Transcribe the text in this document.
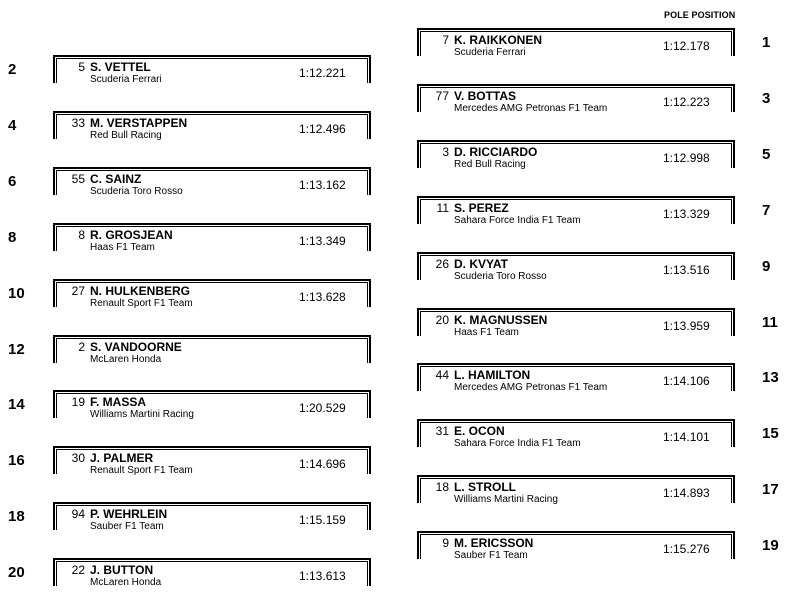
POLE POSITION
1
7 K. RAIKKONEN
Scuderia Ferrari	1:12.178
2	5 S. VETTEL
Scuderia Ferrari	1:12.221
3
77 V. BOTTAS
Mercedes AMG Petronas F1 Team	1:12.223
4	33 M. VERSTAPPEN
Red Bull Racing	1:12.496
5
3 D. RICCIARDO
Red Bull Racing	1:12.998
6	55 C. SAINZ
Scuderia Toro Rosso	1:13.162
7
11 S. PEREZ
Sahara Force India F1 Team	1:13.329
8	8 R. GROSJEAN
Haas F1 Team	1:13.349
9
26 D. KVYAT
Scuderia Toro Rosso	1:13.516
10	27 N. HULKENBERG
Renault Sport F1 Team	1:13.628
11
20 K. MAGNUSSEN
Haas F1 Team	1:13.959
12	2 S. VANDOORNE
McLaren Honda
13
44 L. HAMILTON
Mercedes AMG Petronas F1 Team	1:14.106
14	19 F. MASSA
Williams Martini Racing	1:20.529
15
31 E. OCON
Sahara Force India F1 Team	1:14.101
16	30 J. PALMER
Renault Sport F1 Team	1:14.696
17
18 L. STROLL
Williams Martini Racing	1:14.893
18	94 P. WEHRLEIN
Sauber F1 Team	1:15.159
19
9 M. ERICSSON
Sauber F1 Team	1:15.276
20	22 J. BUTTON
McLaren Honda	1:13.613
